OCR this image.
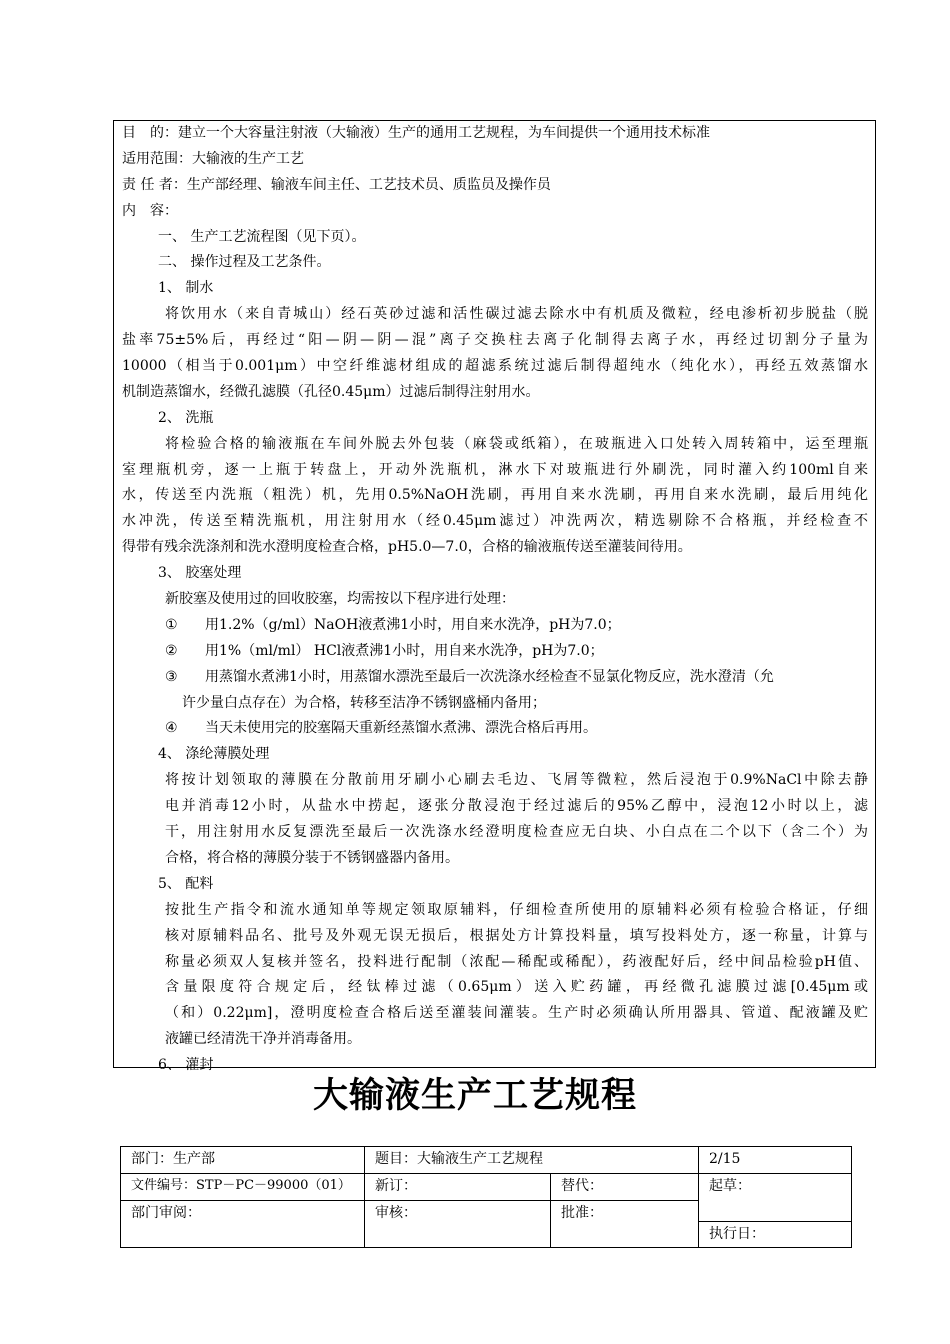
目　的：建立一个大容量注射液（大输液）生产的通用工艺规程，为车间提供一个通用技术标准
适用范围：大输液的生产工艺
责 任 者：生产部经理、输液车间主任、工艺技术员、质监员及操作员
内　容：
一、 生产工艺流程图（见下页）。
二、 操作过程及工艺条件。
1、 制水
将饮用水（来自青城山）经石英砂过滤和活性碳过滤去除水中有机质及微粒，经电渗析初步脱盐（脱
盐率75±5%后，再经过“阳—阴—阴—混”离子交换柱去离子化制得去离子水，再经过切割分子量为
10000（相当于0.001μm）中空纤维滤材组成的超滤系统过滤后制得超纯水（纯化水），再经五效蒸馏水
机制造蒸馏水，经微孔滤膜（孔径0.45μm）过滤后制得注射用水。
2、 洗瓶
将检验合格的输液瓶在车间外脱去外包装（麻袋或纸箱），在玻瓶进入口处转入周转箱中，运至理瓶
室理瓶机旁，逐一上瓶于转盘上，开动外洗瓶机，淋水下对玻瓶进行外刷洗，同时灌入约100ml自来
水，传送至内洗瓶（粗洗）机，先用0.5%NaOH洗刷，再用自来水洗刷，再用自来水洗刷，最后用纯化
水冲洗，传送至精洗瓶机，用注射用水（经0.45μm滤过）冲洗两次，精选剔除不合格瓶，并经检查不
得带有残余洗涤剂和洗水澄明度检查合格，pH5.0—7.0，合格的输液瓶传送至灌装间待用。
3、 胶塞处理
新胶塞及使用过的回收胶塞，均需按以下程序进行处理：
① 用1.2%（g/ml）NaOH液煮沸1小时，用自来水洗净，pH为7.0；
② 用1%（ml/ml） HCl液煮沸1小时，用自来水洗净，pH为7.0；
③ 用蒸馏水煮沸1小时，用蒸馏水漂洗至最后一次洗涤水经检查不显氯化物反应，洗水澄清（允
许少量白点存在）为合格，转移至洁净不锈钢盛桶内备用；
④ 当天未使用完的胶塞隔天重新经蒸馏水煮沸、漂洗合格后再用。
4、 涤纶薄膜处理
将按计划领取的薄膜在分散前用牙刷小心刷去毛边、飞屑等微粒，然后浸泡于0.9%NaCl中除去静
电并消毒12小时，从盐水中捞起，逐张分散浸泡于经过滤后的95%乙醇中，浸泡12小时以上，滤
干，用注射用水反复漂洗至最后一次洗涤水经澄明度检查应无白块、小白点在二个以下（含二个）为
合格，将合格的薄膜分装于不锈钢盛器内备用。
5、 配料
按批生产指令和流水通知单等规定领取原辅料，仔细检查所使用的原辅料必须有检验合格证，仔细
核对原辅料品名、批号及外观无误无损后，根据处方计算投料量，填写投料处方，逐一称量，计算与
称量必须双人复核并签名，投料进行配制（浓配—稀配或稀配），药液配好后，经中间品检验pH值、
含量限度符合规定后，经钛棒过滤（0.65μm）送入贮药罐，再经微孔滤膜过滤[0.45μm或
（和）0.22μm]，澄明度检查合格后送至灌装间灌装。生产时必须确认所用器具、管道、配液罐及贮
液罐已经清洗干净并消毒备用。
6、 灌封
大输液生产工艺规程
部门：生产部	题目：大输液生产工艺规程		2/15
文件编号：STP－PC－99000（01）	新订：	替代：	起草：
部门审阅：	审核：	批准：	
			执行日：
